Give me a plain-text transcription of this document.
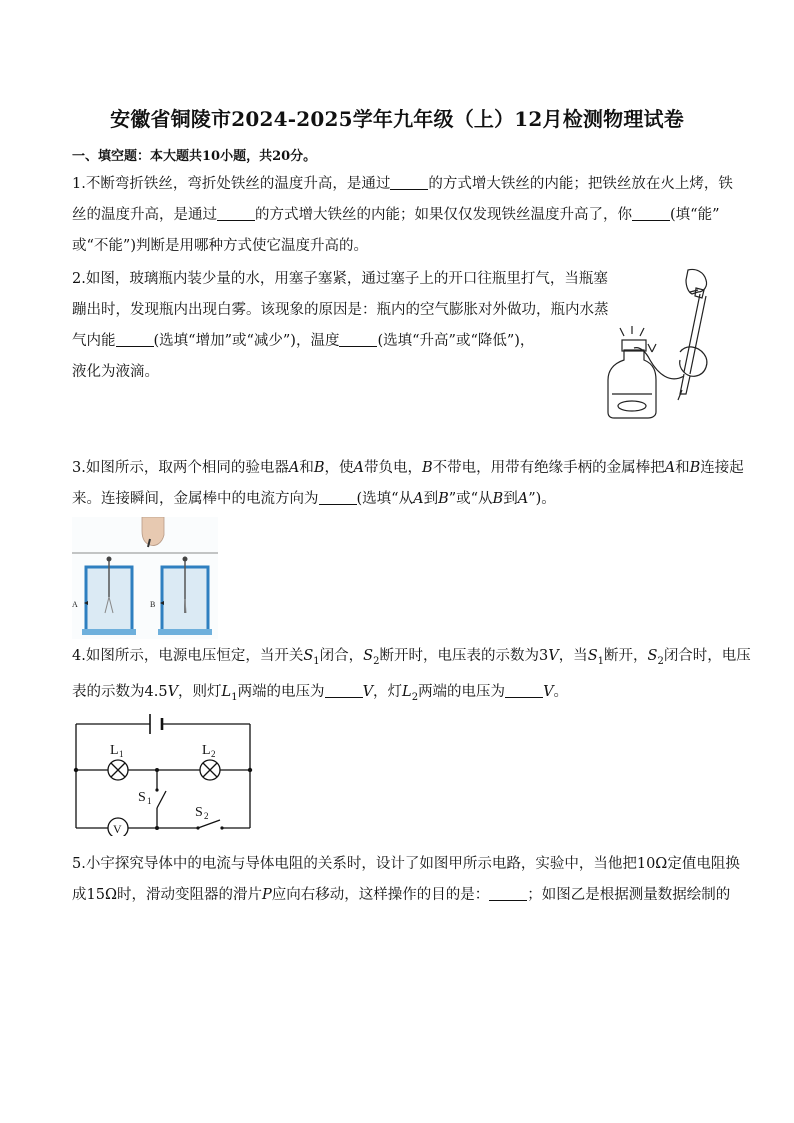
安徽省铜陵市2024-2025学年九年级（上）12月检测物理试卷
一、填空题：本大题共10小题，共20分。
1.不断弯折铁丝，弯折处铁丝的温度升高，是通过	的方式增大铁丝的内能；把铁丝放在火上烤，铁
丝的温度升高，是通过	的方式增大铁丝的内能；如果仅仅发现铁丝温度升高了，你	(填“能”
或“不能”)判断是用哪种方式使它温度升高的。
2.如图，玻璃瓶内装少量的水，用塞子塞紧，通过塞子上的开口往瓶里打气，当瓶塞
蹦出时，发现瓶内出现白雾。该现象的原因是：瓶内的空气膨胀对外做功，瓶内水蒸
气内能	(选填“增加”或“减少”)，温度	(选填“升高”或“降低”)，
液化为液滴。
3.如图所示，取两个相同的验电器A和B，使A带负电，B不带电，用带有绝缘手柄的金属棒把A和B连接起
来。连接瞬间，金属棒中的电流方向为	(选填“从A到B”或“从B到A”)。
A	B
4.如图所示，电源电压恒定，当开关$S_1$闭合，$S_2$断开时，电压表的示数为3V，当$S_1$断开，$S_2$闭合时，电压
表的示数为4.5V，则灯$L_1$两端的电压为	V，灯$L_2$两端的电压为	V。
L 1	L 2
S 1
S 2
V
5.小宇探究导体中的电流与导体电阻的关系时，设计了如图甲所示电路，实验中，当他把10Ω定值电阻换
成15Ω时，滑动变阻器的滑片P应向右移动，这样操作的目的是：	；如图乙是根据测量数据绘制的
